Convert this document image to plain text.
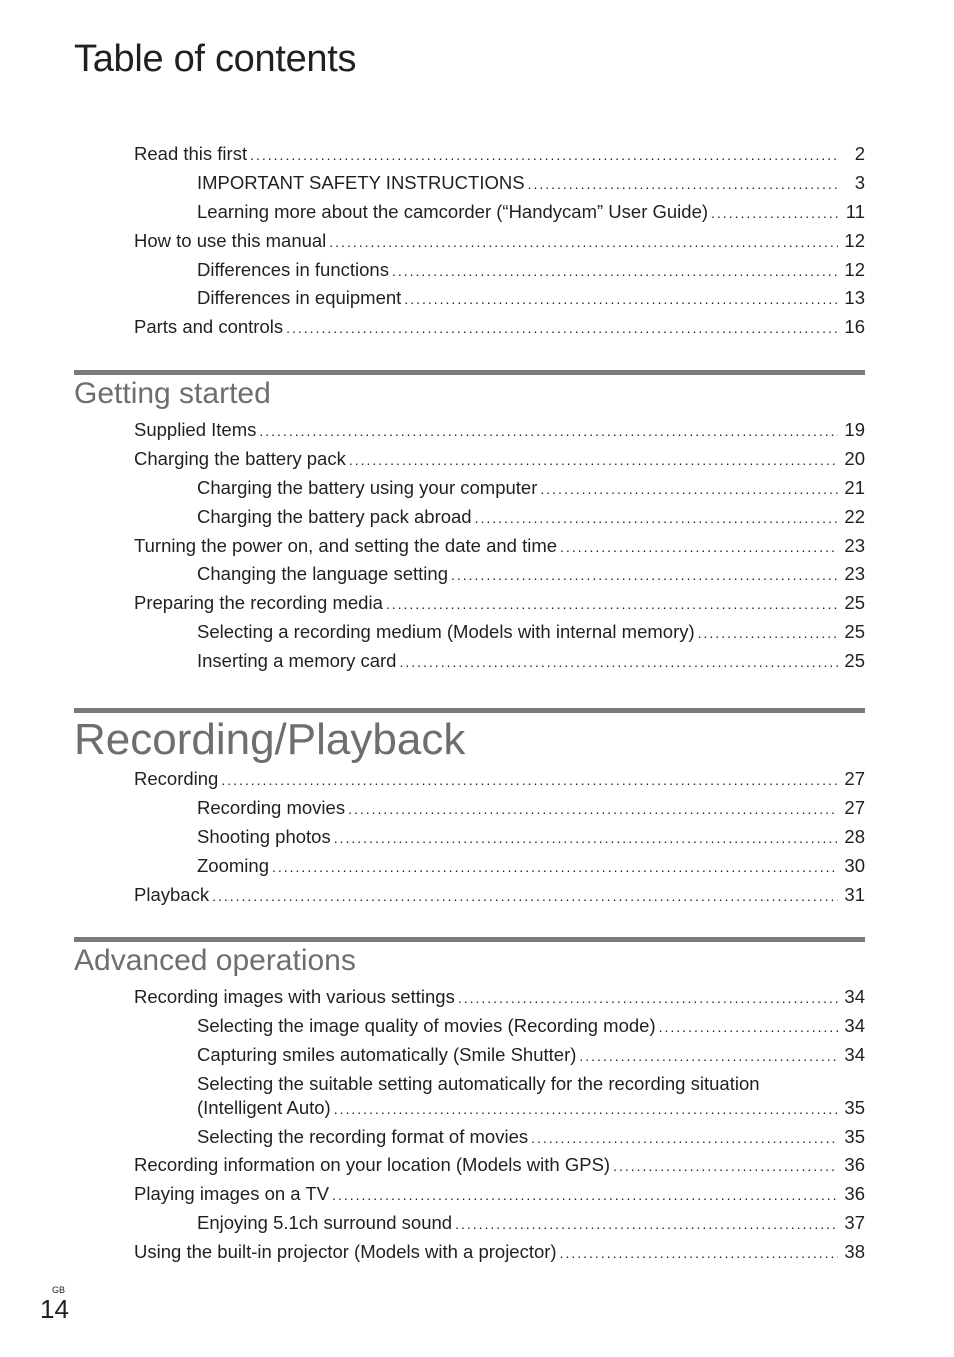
Table of contents
Read this first .....	2
IMPORTANT SAFETY INSTRUCTIONS .....	3
Learning more about the camcorder (“Handycam” User Guide) .....	11
How to use this manual .....	12
Differences in functions .....	12
Differences in equipment .....	13
Parts and controls .....	16
Getting started
Supplied Items .....	19
Charging the battery pack .....	20
Charging the battery using your computer .....	21
Charging the battery pack abroad .....	22
Turning the power on, and setting the date and time .....	23
Changing the language setting .....	23
Preparing the recording media .....	25
Selecting a recording medium (Models with internal memory) .....	25
Inserting a memory card .....	25
Recording/Playback
Recording .....	27
Recording movies .....	27
Shooting photos .....	28
Zooming .....	30
Playback .....	31
Advanced operations
Recording images with various settings .....	34
Selecting the image quality of movies (Recording mode) .....	34
Capturing smiles automatically (Smile Shutter) .....	34
Selecting the suitable setting automatically for the recording situation
(Intelligent Auto) .....	35
Selecting the recording format of movies .....	35
Recording information on your location (Models with GPS) .....	36
Playing images on a TV .....	36
Enjoying 5.1ch surround sound .....	37
Using the built-in projector (Models with a projector) .....	38
GB
14
